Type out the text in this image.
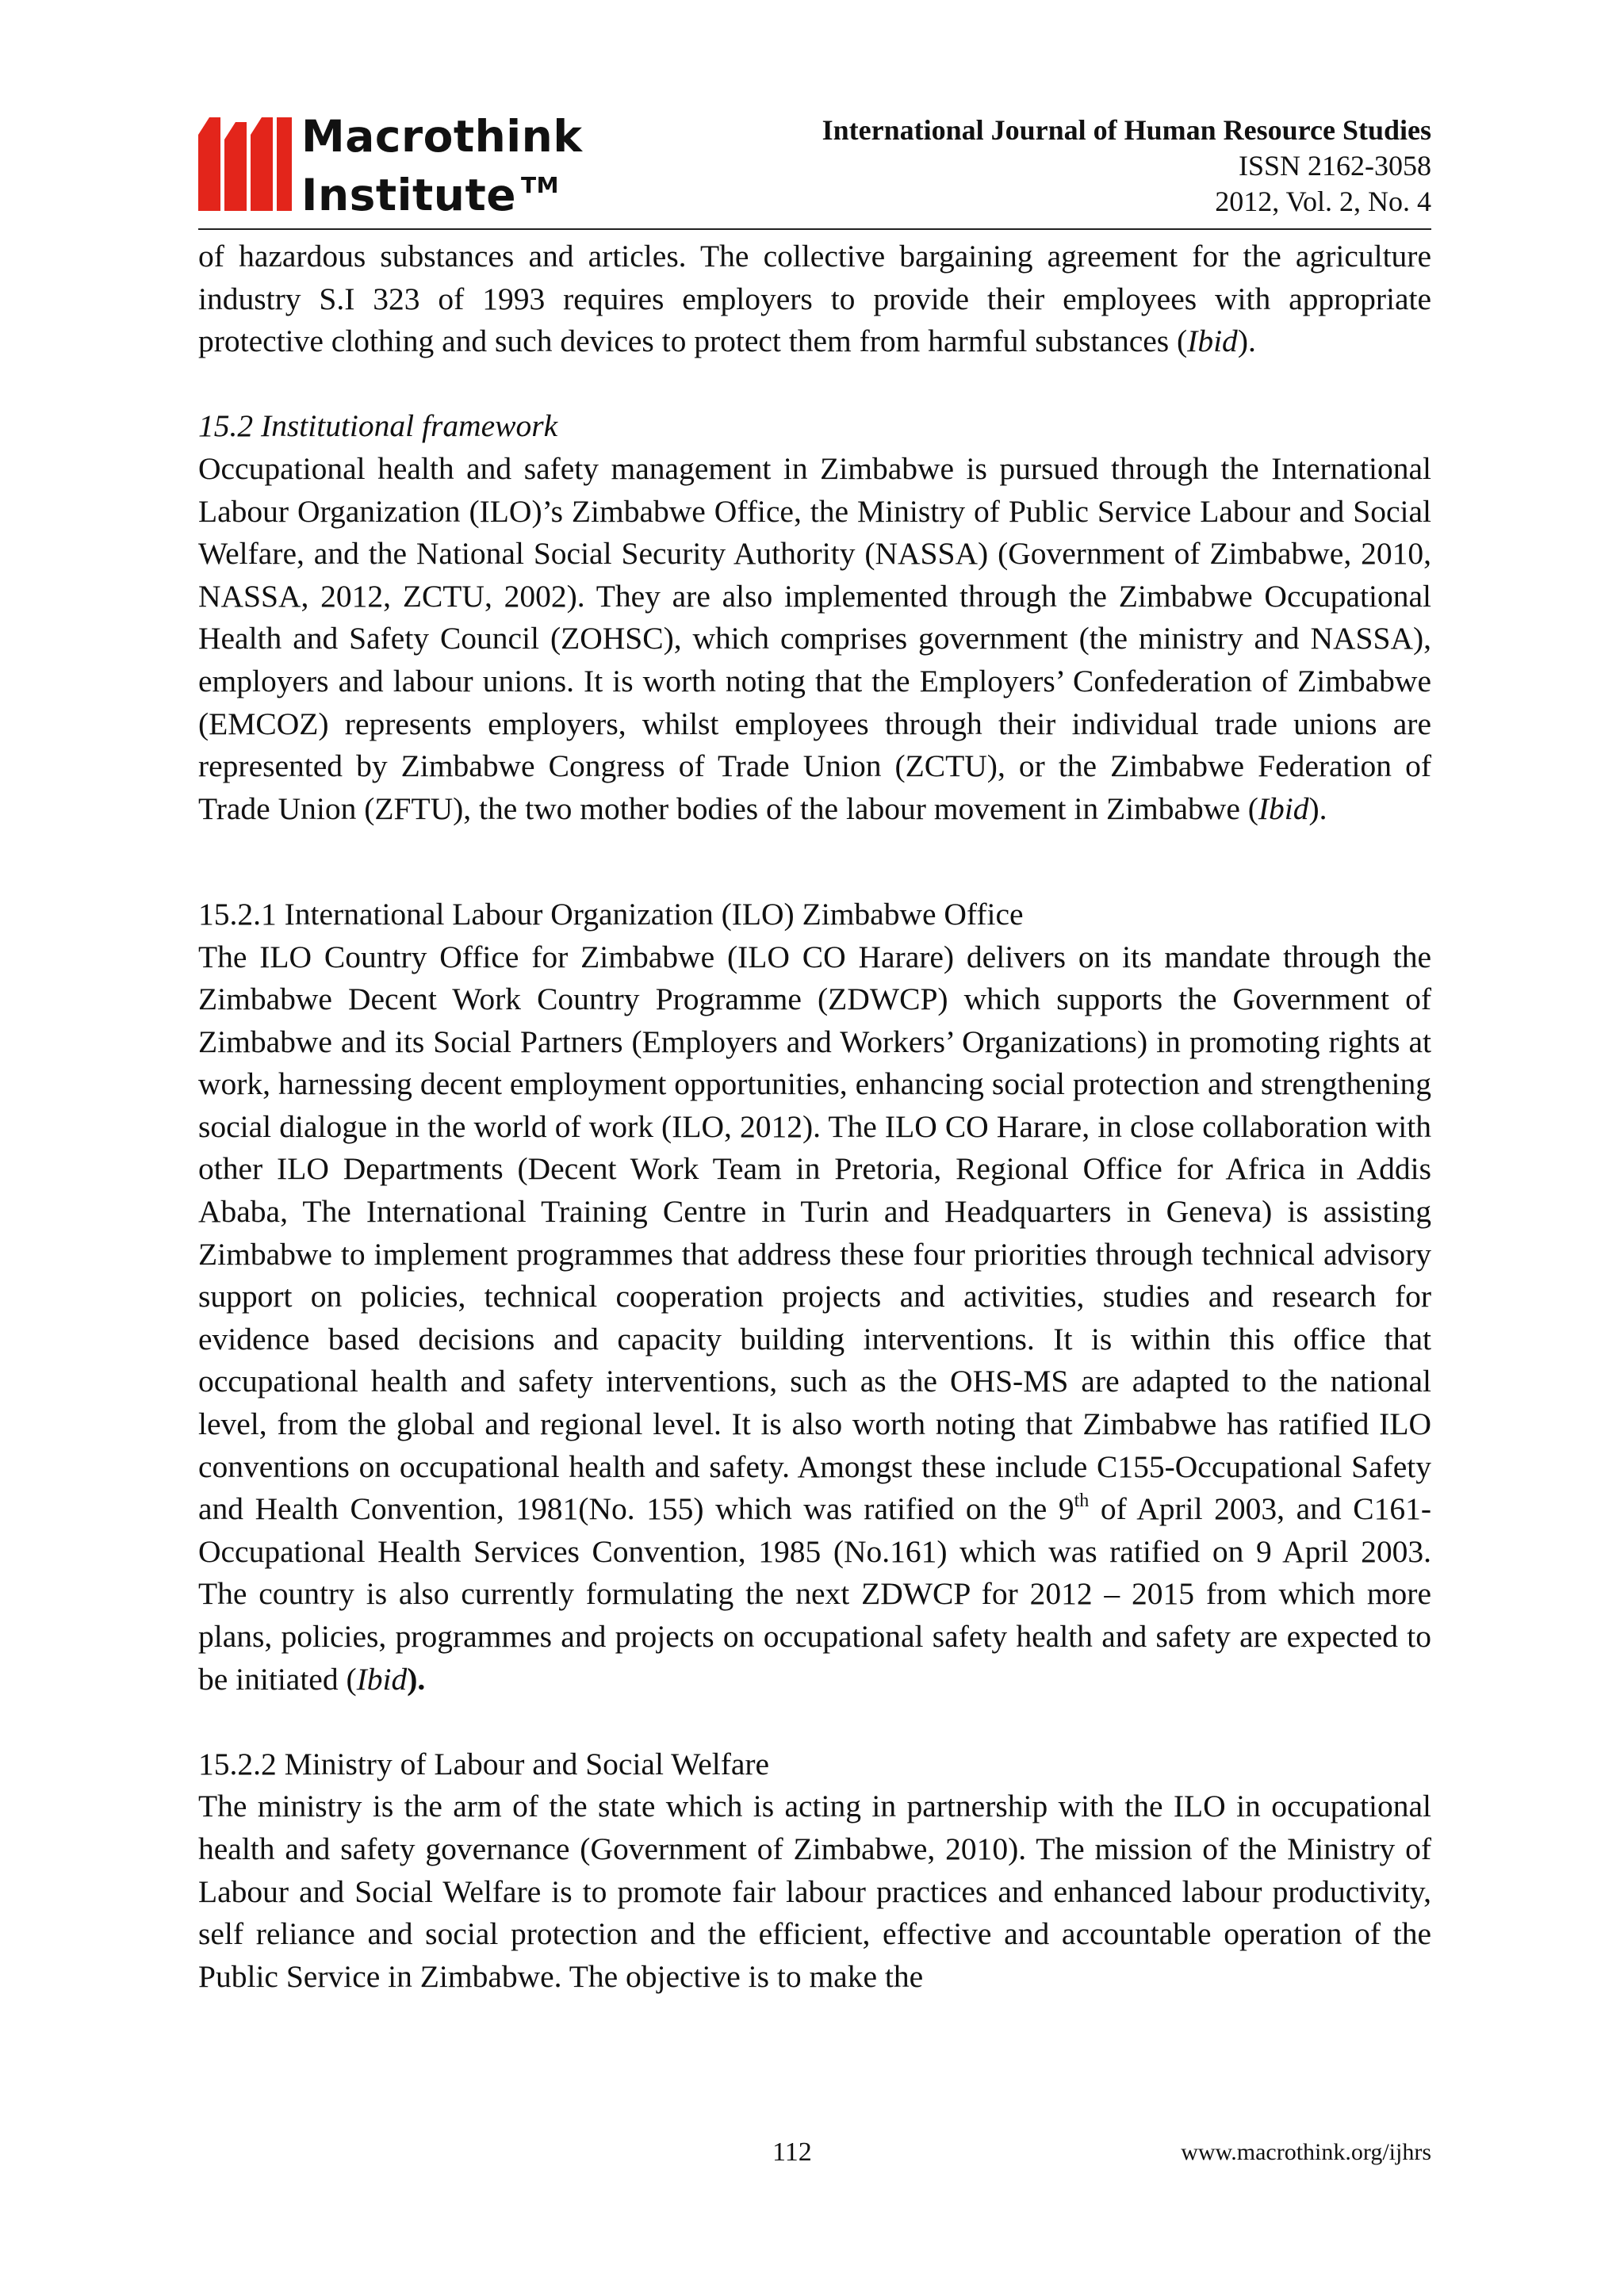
Macrothink
Institute ™
International Journal of Human Resource Studies
ISSN 2162-3058
2012, Vol. 2, No. 4

of hazardous substances and articles. The collective bargaining agreement for the agriculture industry S.I 323 of 1993 requires employers to provide their employees with appropriate protective clothing and such devices to protect them from harmful substances (Ibid).

15.2 Institutional framework

Occupational health and safety management in Zimbabwe is pursued through the International Labour Organization (ILO)’s Zimbabwe Office, the Ministry of Public Service Labour and Social Welfare, and the National Social Security Authority (NASSA) (Government of Zimbabwe, 2010, NASSA, 2012, ZCTU, 2002). They are also implemented through the Zimbabwe Occupational Health and Safety Council (ZOHSC), which comprises government (the ministry and NASSA), employers and labour unions. It is worth noting that the Employers’ Confederation of Zimbabwe (EMCOZ) represents employers, whilst employees through their individual trade unions are represented by Zimbabwe Congress of Trade Union (ZCTU), or the Zimbabwe Federation of Trade Union (ZFTU), the two mother bodies of the labour movement in Zimbabwe (Ibid).

15.2.1 International Labour Organization (ILO) Zimbabwe Office

The ILO Country Office for Zimbabwe (ILO CO Harare) delivers on its mandate through the Zimbabwe Decent Work Country Programme (ZDWCP) which supports the Government of Zimbabwe and its Social Partners (Employers and Workers’ Organizations) in promoting rights at work, harnessing decent employment opportunities, enhancing social protection and strengthening social dialogue in the world of work (ILO, 2012). The ILO CO Harare, in close collaboration with other ILO Departments (Decent Work Team in Pretoria, Regional Office for Africa in Addis Ababa, The International Training Centre in Turin and Headquarters in Geneva) is assisting Zimbabwe to implement programmes that address these four priorities through technical advisory support on policies, technical cooperation projects and activities, studies and research for evidence based decisions and capacity building interventions. It is within this office that occupational health and safety interventions, such as the OHS-MS are adapted to the national level, from the global and regional level. It is also worth noting that Zimbabwe has ratified ILO conventions on occupational health and safety. Amongst these include C155-Occupational Safety and Health Convention, 1981(No. 155) which was ratified on the 9th of April 2003, and C161-Occupational Health Services Convention, 1985 (No.161) which was ratified on 9 April 2003. The country is also currently formulating the next ZDWCP for 2012 – 2015 from which more plans, policies, programmes and projects on occupational safety health and safety are expected to be initiated (Ibid).

15.2.2 Ministry of Labour and Social Welfare

The ministry is the arm of the state which is acting in partnership with the ILO in occupational health and safety governance (Government of Zimbabwe, 2010). The mission of the Ministry of Labour and Social Welfare is to promote fair labour practices and enhanced labour productivity, self reliance and social protection and the efficient, effective and accountable operation of the Public Service in Zimbabwe. The objective is to make the

112	www.macrothink.org/ijhrs
